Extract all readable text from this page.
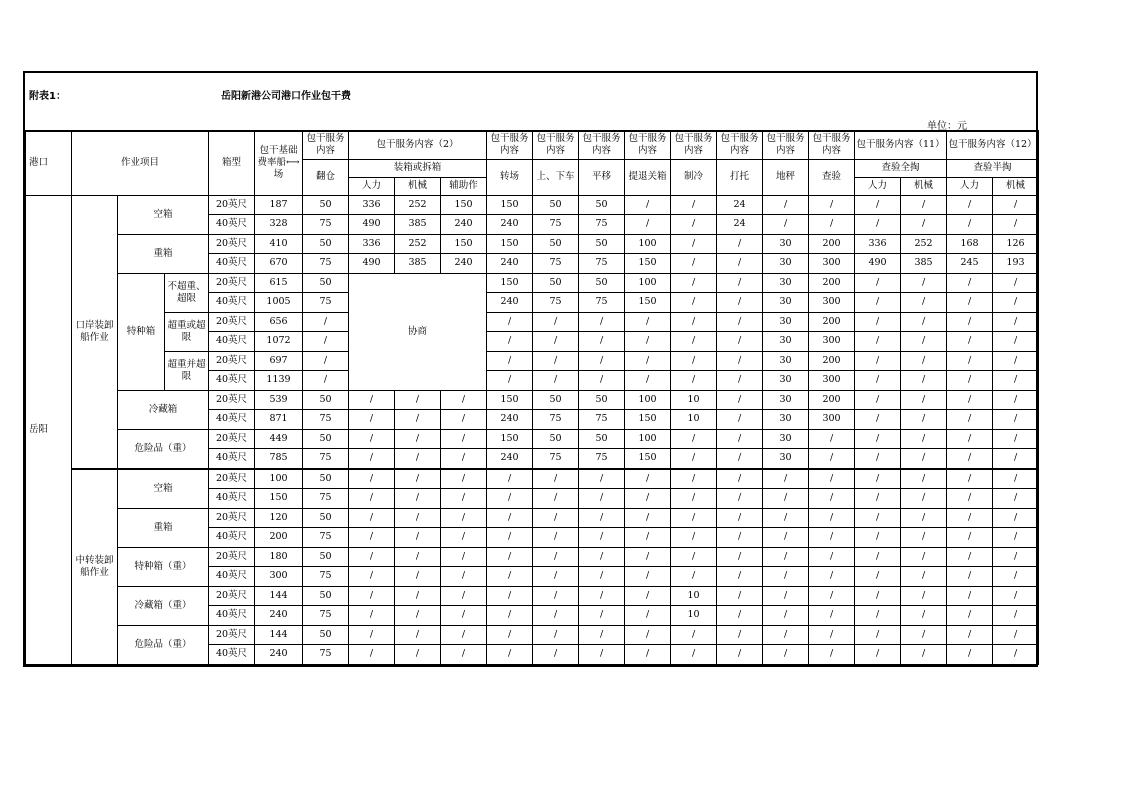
附表1：	岳阳新港公司港口作业包干费
单位：元
港口	作业项目			箱型	包干基础费率船⟷场	包干服务内容	包干服务内容（2）			包干服务内容	包干服务内容	包干服务内容	包干服务内容	包干服务内容	包干服务内容	包干服务内容	包干服务内容	包干服务内容（11）		包干服务内容（12）	
						翻仓	装箱或拆箱			转场	上、下车	平移	提退关箱	制冷	打托	地秤	查验	查验全掏		查验半掏	
							人力	机械	辅助作									人力	机械	人力	机械
岳阳	口岸装卸船作业	空箱		20英尺	187	50	336	252	150	150	50	50	/	/	24	/	/	/	/	/	/
				40英尺	328	75	490	385	240	240	75	75	/	/	24	/	/	/	/	/	/
		重箱		20英尺	410	50	336	252	150	150	50	50	100	/	/	30	200	336	252	168	126
				40英尺	670	75	490	385	240	240	75	75	150	/	/	30	300	490	385	245	193
		特种箱	不超重、超限	20英尺	615	50	协商			150	50	50	100	/	/	30	200	/	/	/	/
				40英尺	1005	75				240	75	75	150	/	/	30	300	/	/	/	/
			超重或超限	20英尺	656	/				/	/	/	/	/	/	30	200	/	/	/	/
				40英尺	1072	/				/	/	/	/	/	/	30	300	/	/	/	/
			超重并超限	20英尺	697	/				/	/	/	/	/	/	30	200	/	/	/	/
				40英尺	1139	/				/	/	/	/	/	/	30	300	/	/	/	/
		冷藏箱		20英尺	539	50	/	/	/	150	50	50	100	10	/	30	200	/	/	/	/
				40英尺	871	75	/	/	/	240	75	75	150	10	/	30	300	/	/	/	/
		危险品（重）		20英尺	449	50	/	/	/	150	50	50	100	/	/	30	/	/	/	/	/
				40英尺	785	75	/	/	/	240	75	75	150	/	/	30	/	/	/	/	/
	中转装卸船作业	空箱		20英尺	100	50	/	/	/	/	/	/	/	/	/	/	/	/	/	/	/
				40英尺	150	75	/	/	/	/	/	/	/	/	/	/	/	/	/	/	/
		重箱		20英尺	120	50	/	/	/	/	/	/	/	/	/	/	/	/	/	/	/
				40英尺	200	75	/	/	/	/	/	/	/	/	/	/	/	/	/	/	/
		特种箱（重）		20英尺	180	50	/	/	/	/	/	/	/	/	/	/	/	/	/	/	/
				40英尺	300	75	/	/	/	/	/	/	/	/	/	/	/	/	/	/	/
		冷藏箱（重）		20英尺	144	50	/	/	/	/	/	/	/	10	/	/	/	/	/	/	/
				40英尺	240	75	/	/	/	/	/	/	/	10	/	/	/	/	/	/	/
		危险品（重）		20英尺	144	50	/	/	/	/	/	/	/	/	/	/	/	/	/	/	/
				40英尺	240	75	/	/	/	/	/	/	/	/	/	/	/	/	/	/	/
